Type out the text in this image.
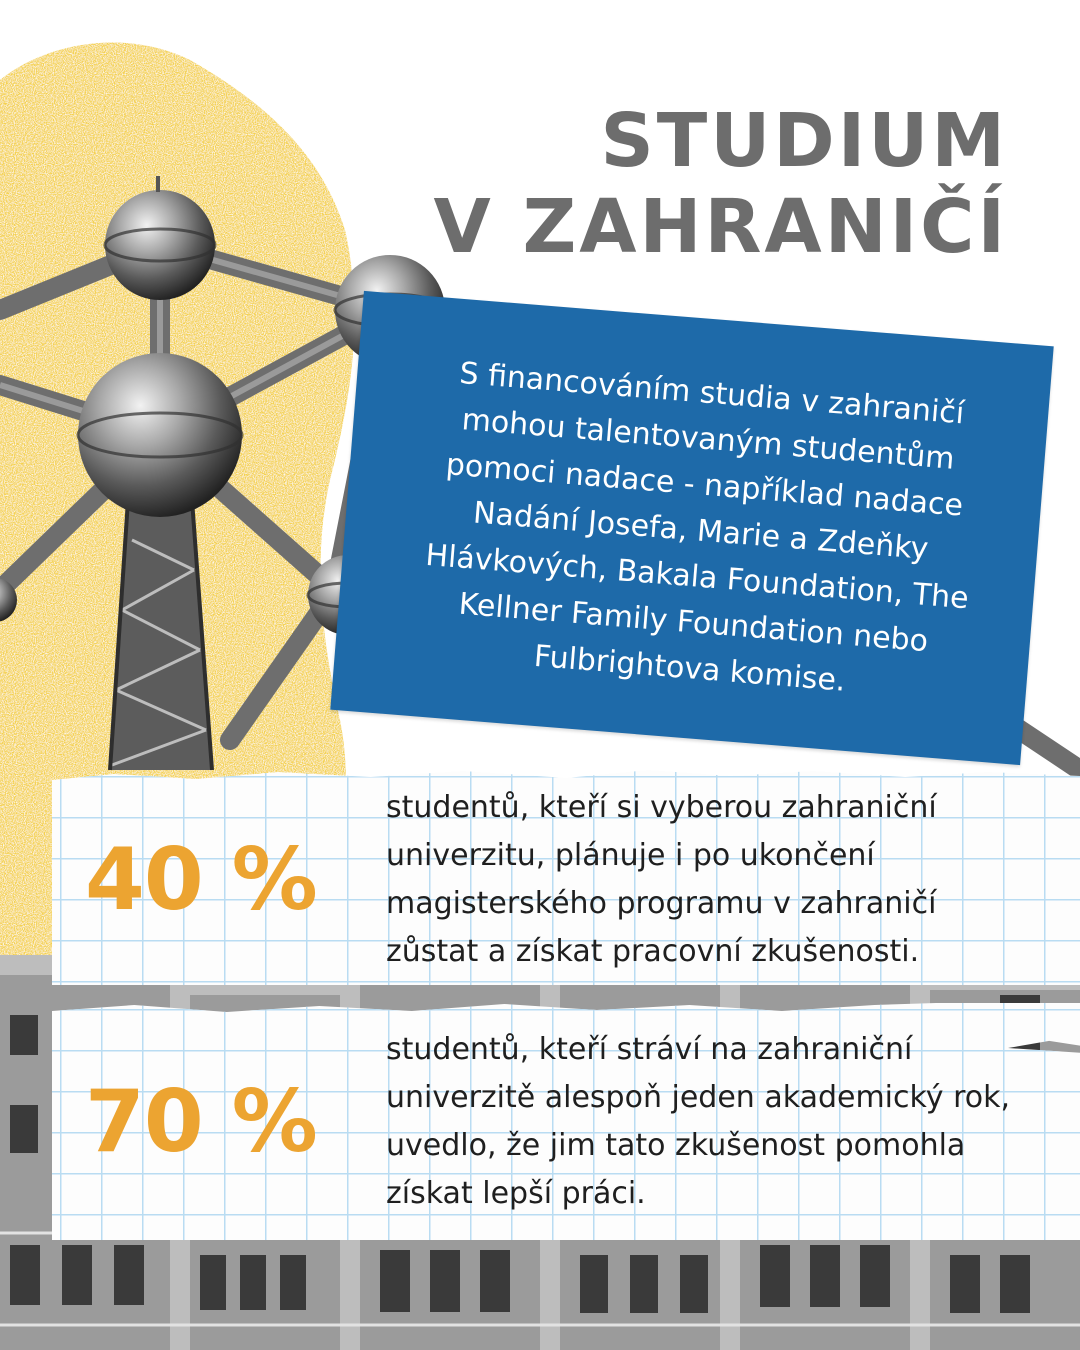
STUDIUM
V ZAHRANIČÍ

S financováním studia v zahraničí mohou talentovaným studentům pomoci nadace - například nadace Nadání Josefa, Marie a Zdeňky Hlávkových, Bakala Foundation, The Kellner Family Foundation nebo Fulbrightova komise.

40 %

studentů, kteří si vyberou zahraniční univerzitu, plánuje i po ukončení magisterského programu v zahraničí zůstat a získat pracovní zkušenosti.

70 %

studentů, kteří stráví na zahraniční univerzitě alespoň jeden akademický rok, uvedlo, že jim tato zkušenost pomohla získat lepší práci.
